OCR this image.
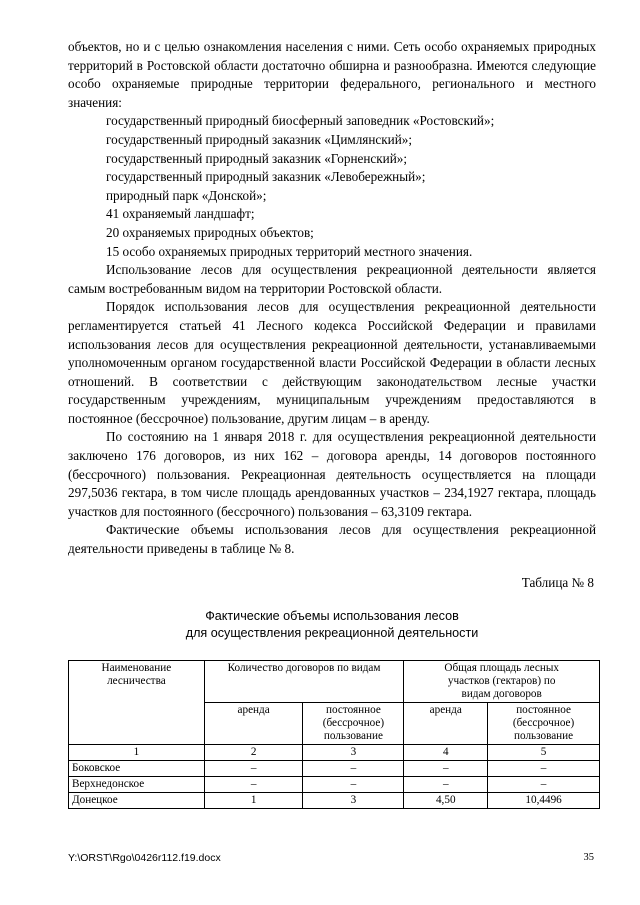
объектов, но и с целью ознакомления населения с ними. Сеть особо охраняемых природных территорий в Ростовской области достаточно обширна и разнообразна. Имеются следующие особо охраняемые природные территории федерального, регионального и местного значения:

государственный природный биосферный заповедник «Ростовский»;
государственный природный заказник «Цимлянский»;
государственный природный заказник «Горненский»;
государственный природный заказник «Левобережный»;
природный парк «Донской»;
41 охраняемый ландшафт;
20 охраняемых природных объектов;
15 особо охраняемых природных территорий местного значения.

Использование лесов для осуществления рекреационной деятельности является самым востребованным видом на территории Ростовской области.

Порядок использования лесов для осуществления рекреационной деятельности регламентируется статьей 41 Лесного кодекса Российской Федерации и правилами использования лесов для осуществления рекреационной деятельности, устанавливаемыми уполномоченным органом государственной власти Российской Федерации в области лесных отношений. В соответствии с действующим законодательством лесные участки государственным учреждениям, муниципальным учреждениям предоставляются в постоянное (бессрочное) пользование, другим лицам – в аренду.

По состоянию на 1 января 2018 г. для осуществления рекреационной деятельности заключено 176 договоров, из них 162 – договора аренды, 14 договоров постоянного (бессрочного) пользования. Рекреационная деятельность осуществляется на площади 297,5036 гектара, в том числе площадь арендованных участков – 234,1927 гектара, площадь участков для постоянного (бессрочного) пользования – 63,3109 гектара.

Фактические объемы использования лесов для осуществления рекреационной деятельности приведены в таблице № 8.

Таблица № 8
Фактические объемы использования лесов
для осуществления рекреационной деятельности
Наименование лесничества	Количество договоров по видам		Общая площадь лесных участков (гектаров) по видам договоров	
	аренда	постоянное (бессрочное) пользование	аренда	постоянное (бессрочное) пользование
1	2	3	4	5
Боковское	–	–	–	–
Верхнедонское	–	–	–	–
Донецкое	1	3	4,50	10,4496
Y:\ORST\Rgo\0426r112.f19.docx	35
